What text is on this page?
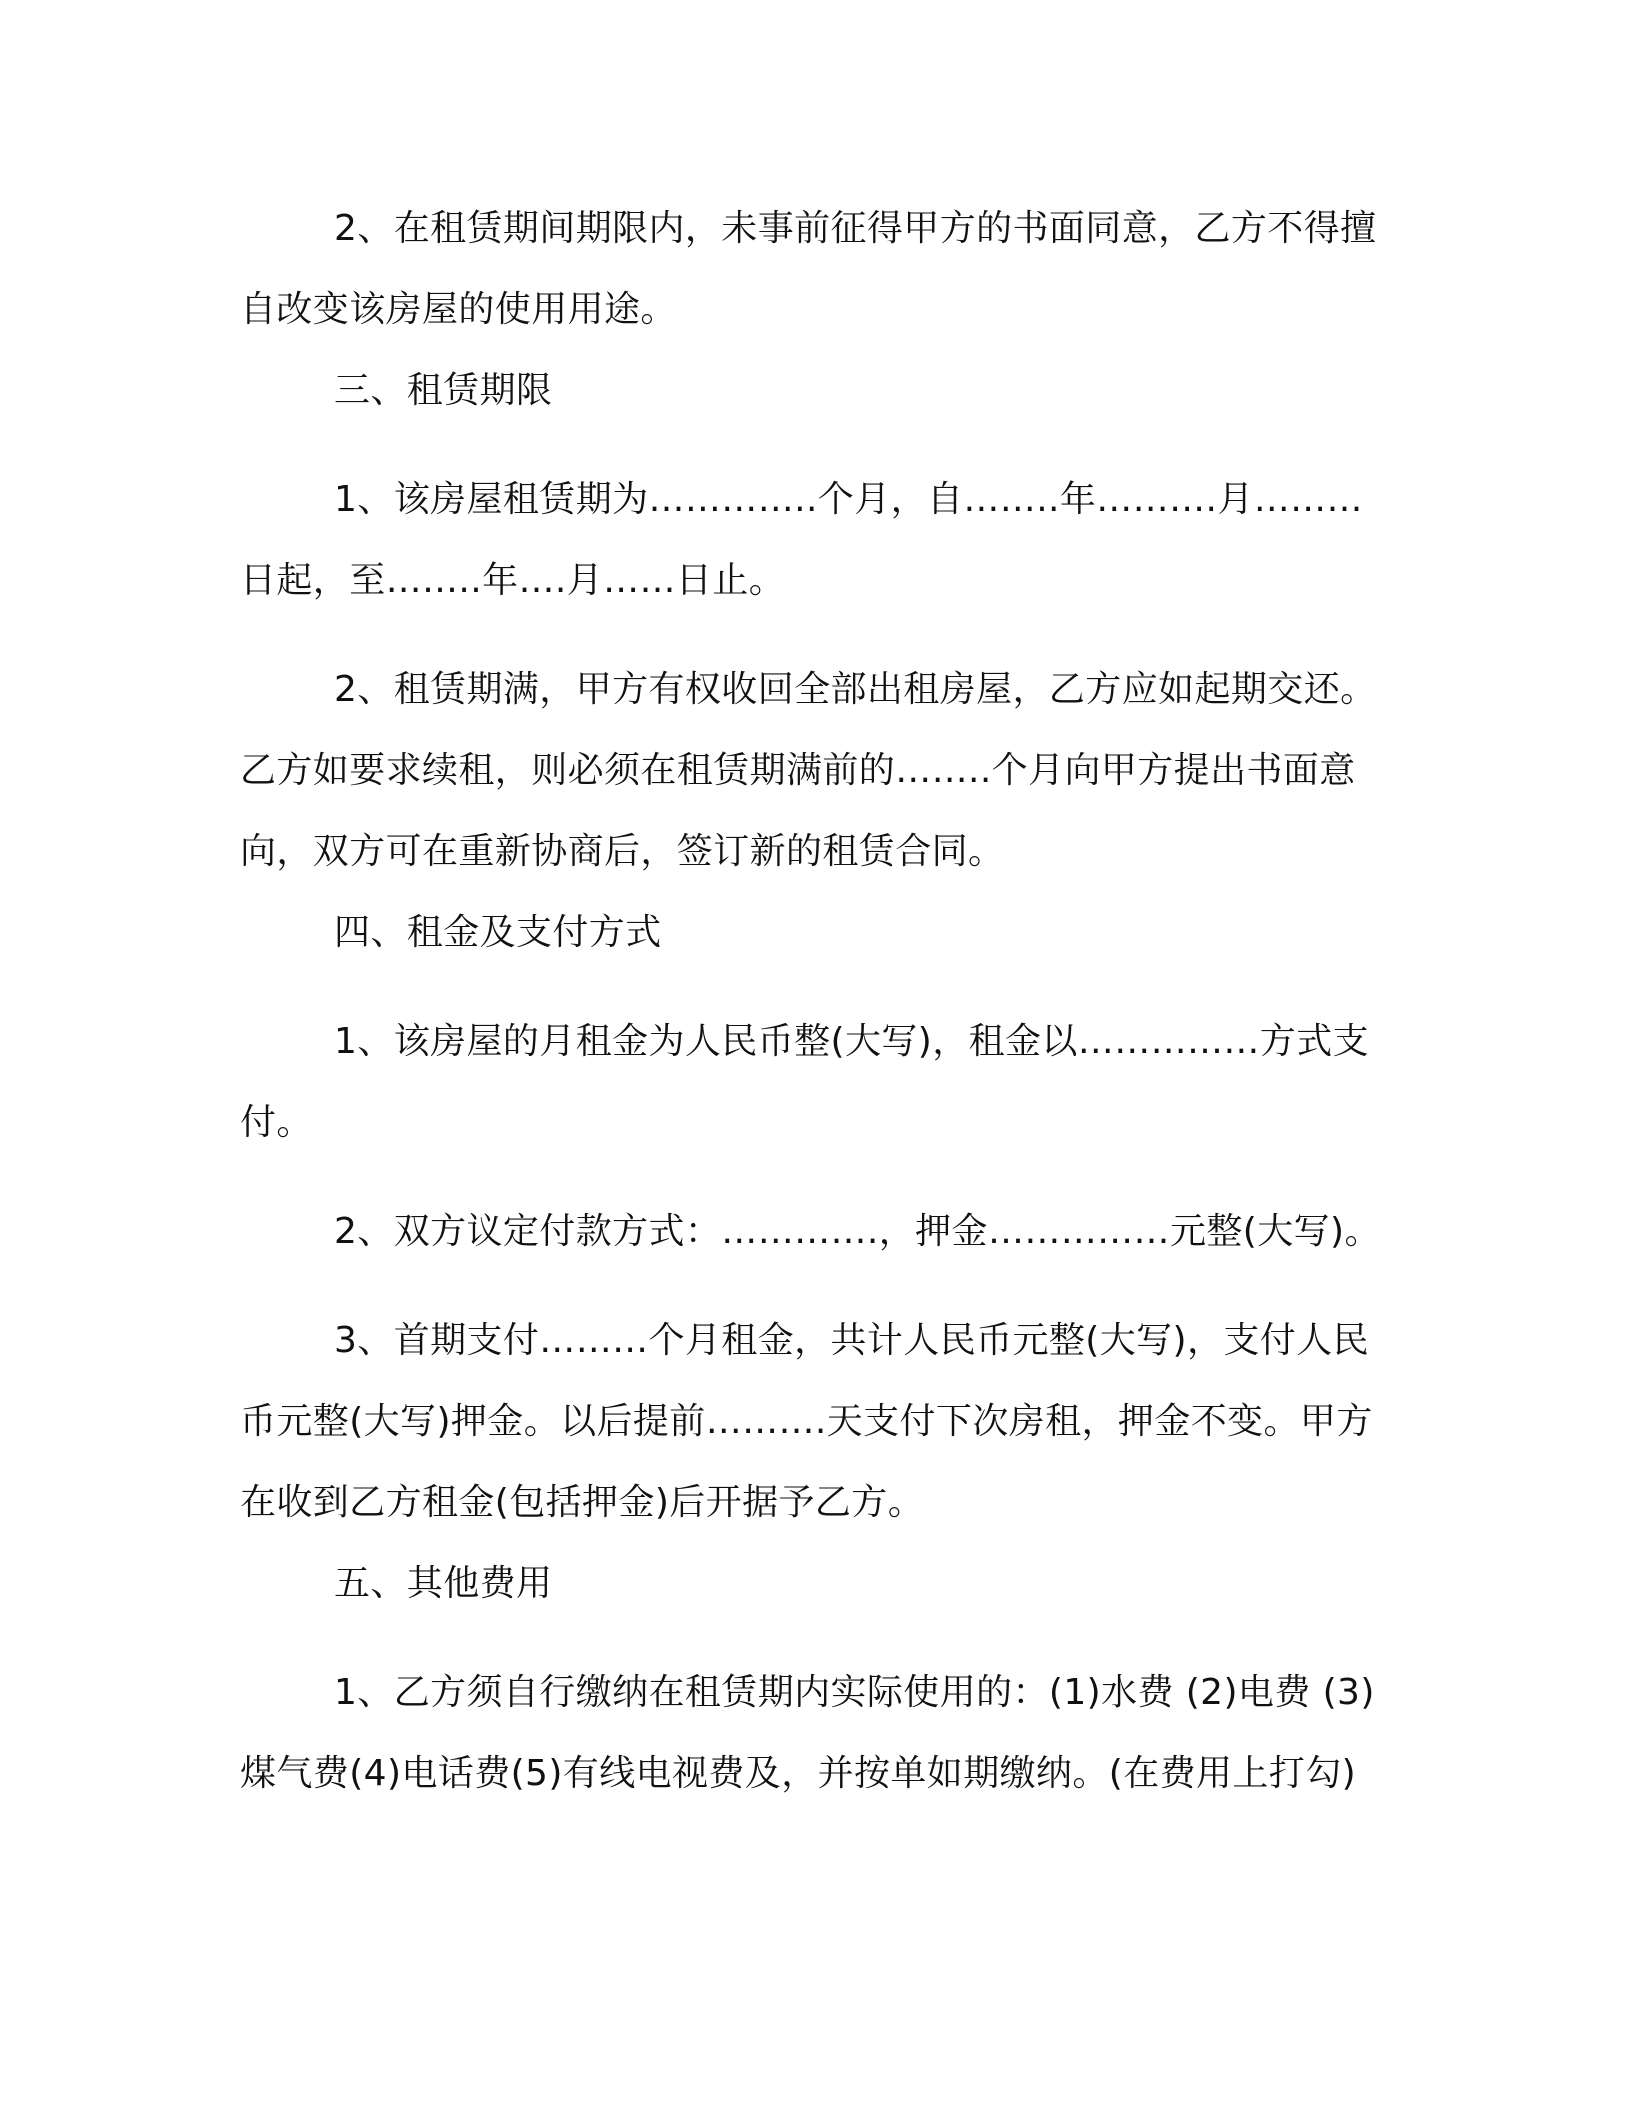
2、在租赁期间期限内，未事前征得甲方的书面同意，乙方不得擅自改变该房屋的使用用途。

三、租赁期限

1、该房屋租赁期为…………..个月，自……..年……….月………日起，至……..年….月……日止。

2、租赁期满，甲方有权收回全部出租房屋，乙方应如起期交还。乙方如要求续租，则必须在租赁期满前的……..个月向甲方提出书面意向，双方可在重新协商后，签订新的租赁合同。

四、租金及支付方式

1、该房屋的月租金为人民币整(大写)，租金以……………方式支付。

2、双方议定付款方式：………….，押金……………元整(大写)。

3、首期支付………个月租金，共计人民币元整(大写)，支付人民币元整(大写)押金。以后提前……….天支付下次房租，押金不变。甲方在收到乙方租金(包括押金)后开据予乙方。

五、其他费用

1、乙方须自行缴纳在租赁期内实际使用的：(1)水费 (2)电费 (3)煤气费(4)电话费(5)有线电视费及，并按单如期缴纳。(在费用上打勾)
